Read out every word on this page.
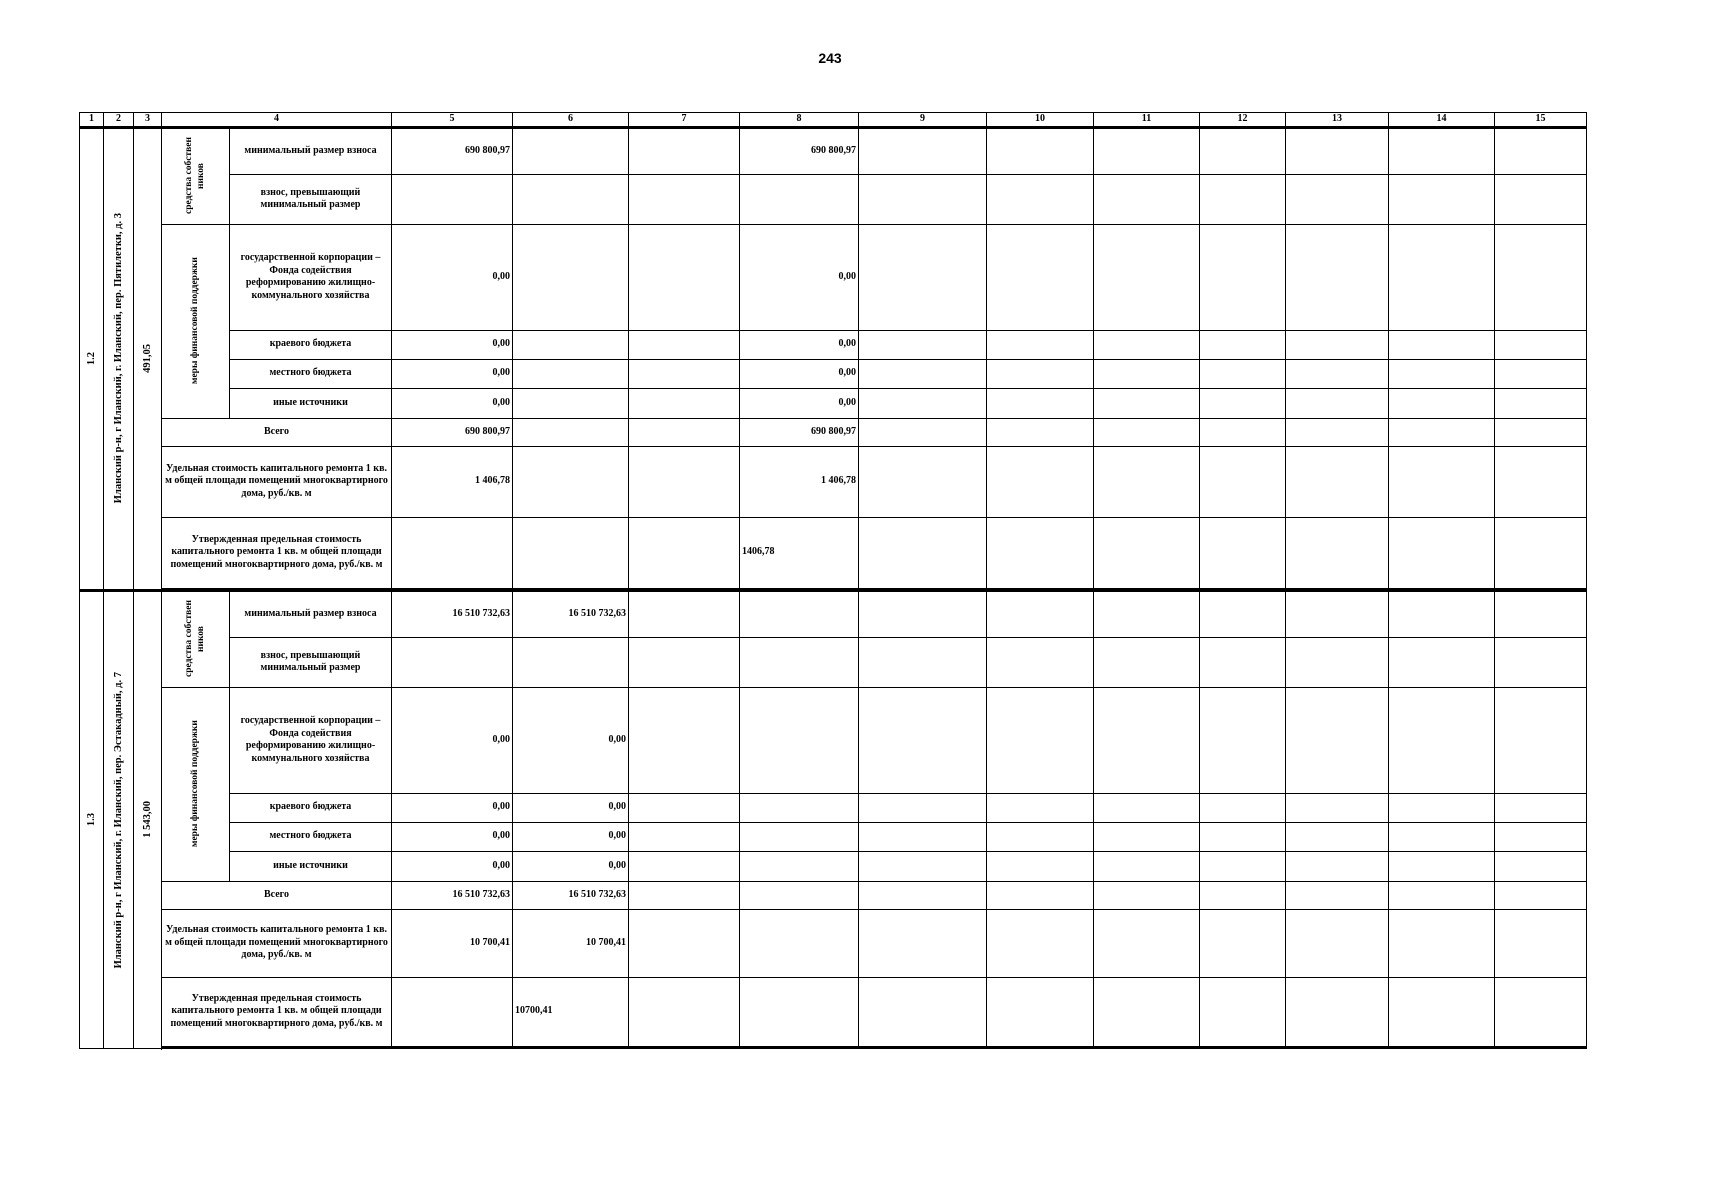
243
1	2	3	4		5	6	7	8	9	10	11	12	13	14	15

1.2	Иланский р-н, г Иланский, г. Иланский, пер. Пятилетки, д. 3	491,05	средства собствен ников	минимальный размер взноса	690 800,97			690 800,97							
				взнос, превышающий минимальный размер											

			меры финансовой поддержки	государственной корпорации – Фонда содействия реформированию жилищно-коммунального хозяйства	0,00			0,00							
				краевого бюджета	0,00			0,00							
				местного бюджета	0,00			0,00							
				иные источники	0,00			0,00							
			Всего		690 800,97			690 800,97							
			Удельная стоимость капитального ремонта 1 кв. м общей площади помещений многоквартирного дома, руб./кв. м		1 406,78			1 406,78							
			Утвержденная предельная стоимость капитального ремонта 1 кв. м общей площади помещений многоквартирного дома, руб./кв. м					1406,78							

1.3	Иланский р-н, г Иланский, г. Иланский, пер. Эстакадный, д. 7	1 543,00	средства собствен ников	минимальный размер взноса	16 510 732,63	16 510 732,63									
				взнос, превышающий минимальный размер											

			меры финансовой поддержки	государственной корпорации – Фонда содействия реформированию жилищно-коммунального хозяйства	0,00	0,00									
				краевого бюджета	0,00	0,00									
				местного бюджета	0,00	0,00									
				иные источники	0,00	0,00									
			Всего		16 510 732,63	16 510 732,63									
			Удельная стоимость капитального ремонта 1 кв. м общей площади помещений многоквартирного дома, руб./кв. м		10 700,41	10 700,41									
			Утвержденная предельная стоимость капитального ремонта 1 кв. м общей площади помещений многоквартирного дома, руб./кв. м			10700,41									
